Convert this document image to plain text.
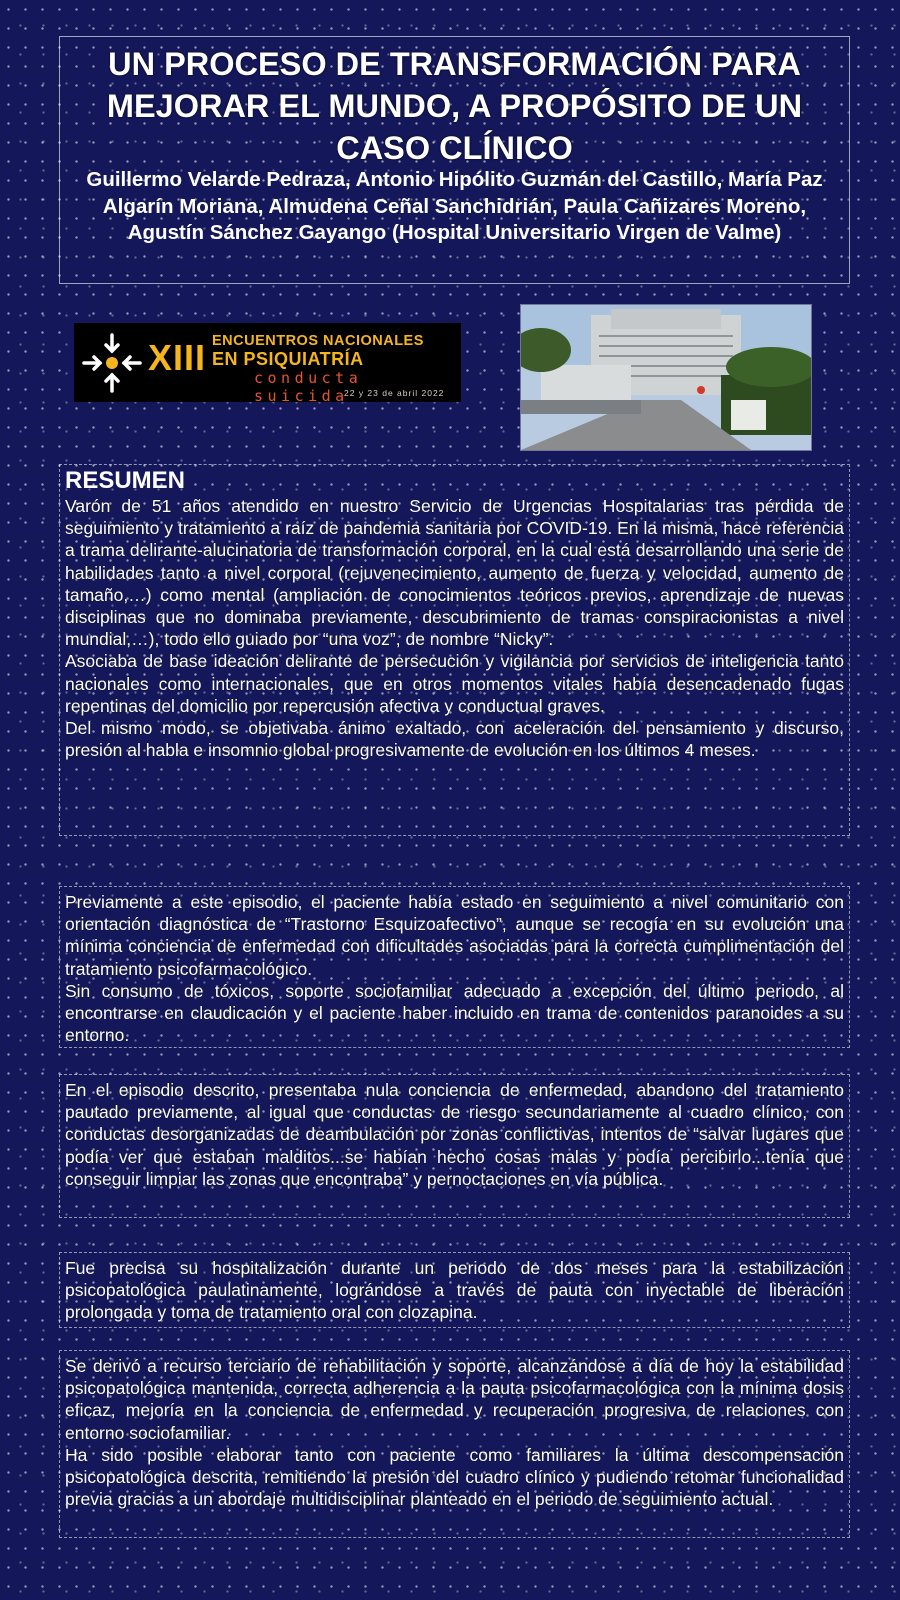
UN PROCESO DE TRANSFORMACIÓN PARA MEJORAR EL MUNDO, A PROPÓSITO DE UN CASO CLÍNICO

Guillermo Velarde Pedraza, Antonio Hipólito Guzmán del Castillo, María Paz Algarín Moriana, Almudena Ceñal Sanchidrián, Paula Cañizares Moreno, Agustín Sánchez Gayango (Hospital Universitario Virgen de Valme)

XIII ENCUENTROS NACIONALES
EN PSIQUIATRÍA
conducta suicida
22 y 23 de abril 2022

RESUMEN

Varón de 51 años atendido en nuestro Servicio de Urgencias Hospitalarias tras pérdida de seguimiento y tratamiento a raíz de pandemia sanitaria por COVID-19. En la misma, hace referencia a trama delirante-alucinatoria de transformación corporal, en la cual está desarrollando una serie de habilidades tanto a nivel corporal (rejuvenecimiento, aumento de fuerza y velocidad, aumento de tamaño,…) como mental (ampliación de conocimientos teóricos previos, aprendizaje de nuevas disciplinas que no dominaba previamente, descubrimiento de tramas conspiracionistas a nivel mundial,…), todo ello guiado por “una voz”, de nombre “Nicky”.

Asociaba de base ideación delirante de persecución y vigilancia por servicios de inteligencia tanto nacionales como internacionales, que en otros momentos vitales había desencadenado fugas repentinas del domicilio por repercusión afectiva y conductual graves.

Del mismo modo, se objetivaba ánimo exaltado, con aceleración del pensamiento y discurso, presión al habla e insomnio global progresivamente de evolución en los últimos 4 meses.

Previamente a este episodio, el paciente había estado en seguimiento a nivel comunitario con orientación diagnóstica de “Trastorno Esquizoafectivo”, aunque se recogía en su evolución una mínima conciencia de enfermedad con dificultades asociadas para la correcta cumplimentación del tratamiento psicofarmacológico.

Sin consumo de tóxicos, soporte sociofamiliar adecuado a excepción del último periodo, al encontrarse en claudicación y el paciente haber incluido en trama de contenidos paranoides a su entorno.

En el episodio descrito, presentaba nula conciencia de enfermedad, abandono del tratamiento pautado previamente, al igual que conductas de riesgo secundariamente al cuadro clínico, con conductas desorganizadas de deambulación por zonas conflictivas, intentos de “salvar lugares que podía ver que estaban malditos...se habían hecho cosas malas y podía percibirlo...tenía que conseguir limpiar las zonas que encontraba” y pernoctaciones en vía pública.

Fue precisa su hospitalización durante un periodo de dos meses para la estabilización psicopatológica paulatinamente, lográndose a través de pauta con inyectable de liberación prolongada y toma de tratamiento oral con clozapina.

Se derivó a recurso terciario de rehabilitación y soporte, alcanzándose a día de hoy la estabilidad psicopatológica mantenida, correcta adherencia a la pauta psicofarmacológica con la mínima dosis eficaz, mejoría en la conciencia de enfermedad y recuperación progresiva de relaciones con entorno sociofamiliar.

Ha sido posible elaborar tanto con paciente como familiares la última descompensación psicopatológica descrita, remitiendo la presión del cuadro clínico y pudiendo retomar funcionalidad previa gracias a un abordaje multidisciplinar planteado en el periodo de seguimiento actual.
